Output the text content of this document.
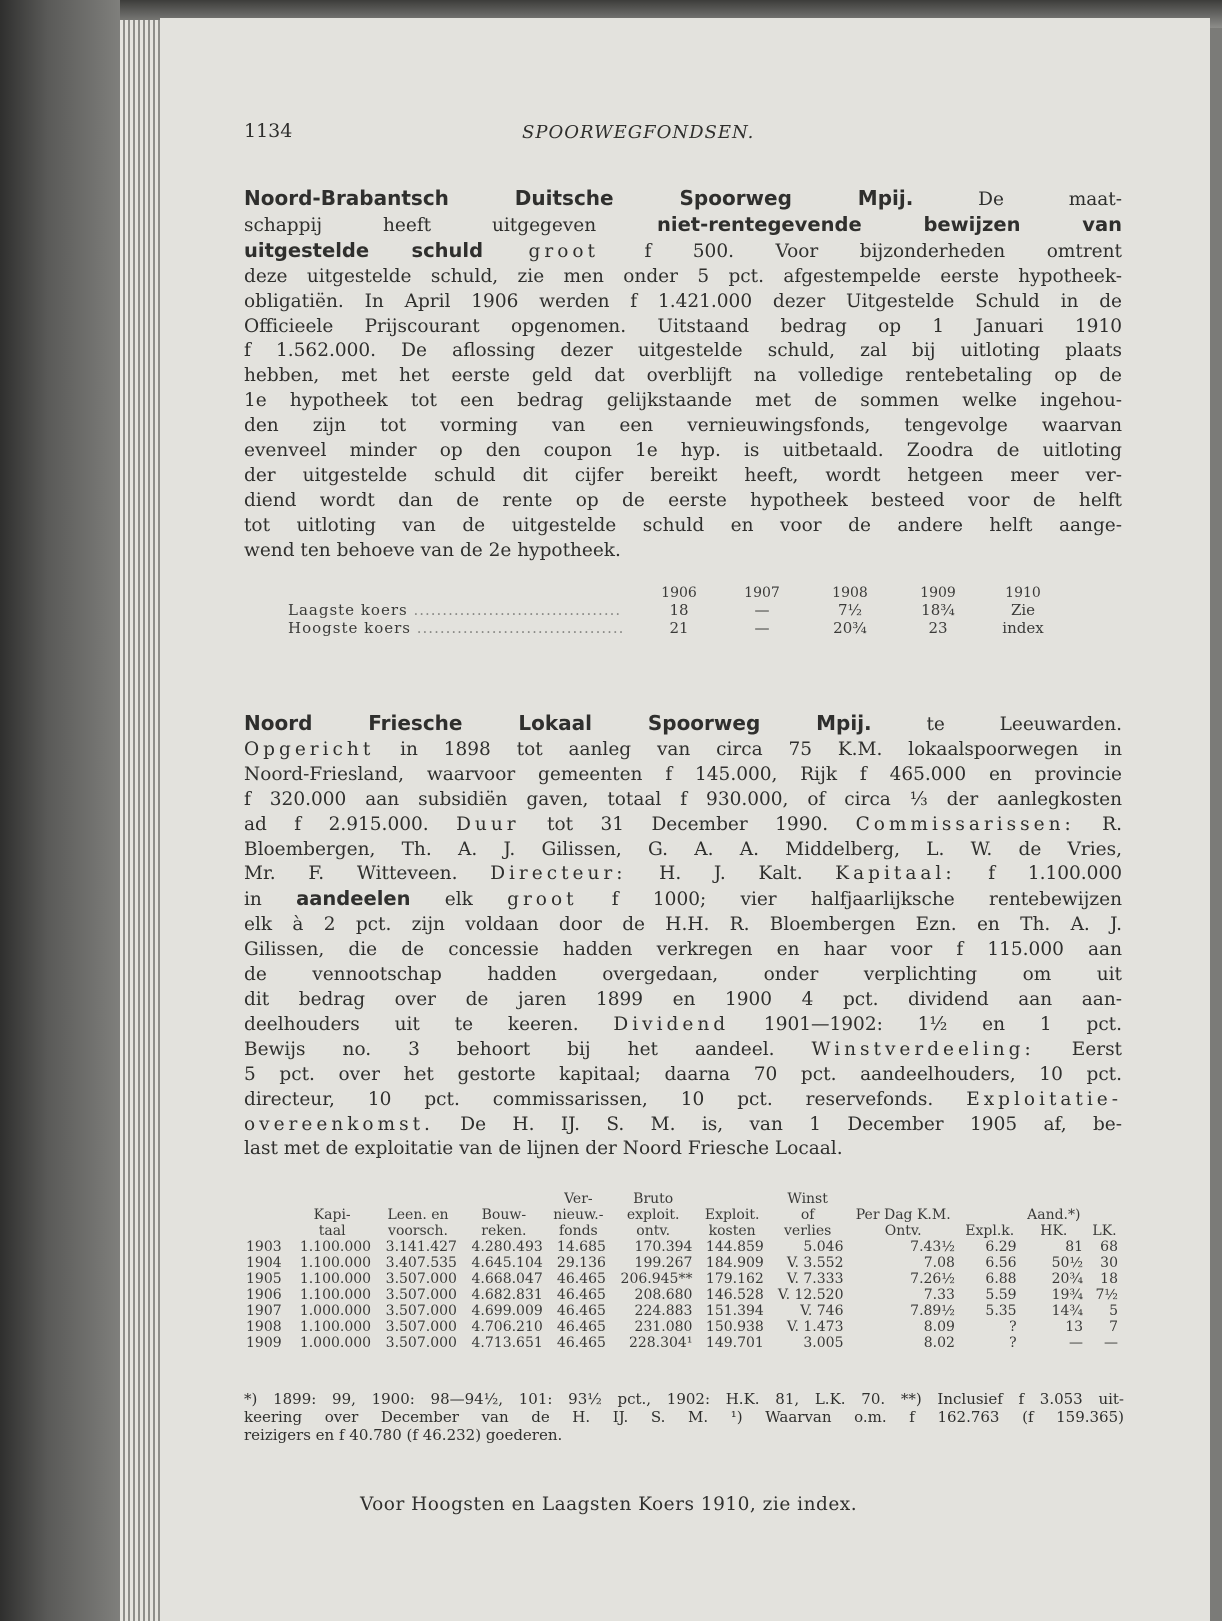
1134	SPOORWEGFONDSEN.
Noord-Brabantsch Duitsche Spoorweg Mpij.	De maat-
schappij heeft uitgegeven niet-rentegevende bewijzen van
uitgestelde schuld groot f 500. Voor bijzonderheden omtrent
deze uitgestelde schuld, zie men onder 5 pct. afgestempelde eerste hypotheek-
obligatiën. In April 1906 werden f 1.421.000 dezer Uitgestelde Schuld in de
Officieele Prijscourant opgenomen. Uitstaand bedrag op 1 Januari 1910
f 1.562.000. De aflossing dezer uitgestelde schuld, zal bij uitloting plaats
hebben, met het eerste geld dat overblijft na volledige rentebetaling op de
1e hypotheek tot een bedrag gelijkstaande met de sommen welke ingehou-
den zijn tot vorming van een vernieuwingsfonds, tengevolge waarvan
evenveel minder op den coupon 1e hyp. is uitbetaald. Zoodra de uitloting
der uitgestelde schuld dit cijfer bereikt heeft, wordt hetgeen meer ver-
diend wordt dan de rente op de eerste hypotheek besteed voor de helft
tot uitloting van de uitgestelde schuld en voor de andere helft aange-
wend ten behoeve van de 2e hypotheek.
	1906	1907	1908	1909	1910
Laagste koers ....................................	18	—	7½	18¾	Zie
Hoogste koers ....................................	21	—	20¾	23	index
Noord Friesche Lokaal Spoorweg Mpij.	te Leeuwarden.
Opgericht in 1898 tot aanleg van circa 75 K.M. lokaalspoorwegen in
Noord-Friesland, waarvoor gemeenten f 145.000, Rijk f 465.000 en provincie
f 320.000 aan subsidiën gaven, totaal f 930.000, of circa ⅓ der aanlegkosten
ad f 2.915.000. Duur tot 31 December 1990. Commissarissen: R.
Bloembergen, Th. A. J. Gilissen, G. A. A. Middelberg, L. W. de Vries,
Mr. F. Witteveen. Directeur: H. J. Kalt. Kapitaal: f 1.100.000
in aandeelen elk groot f 1000; vier halfjaarlijksche rentebewijzen
elk à 2 pct. zijn voldaan door de H.H. R. Bloembergen Ezn. en Th. A. J.
Gilissen, die de concessie hadden verkregen en haar voor f 115.000 aan
de vennootschap hadden overgedaan, onder verplichting om uit
dit bedrag over de jaren 1899 en 1900 4 pct. dividend aan aan-
deelhouders uit te keeren. Dividend 1901—1902: 1½ en 1 pct.
Bewijs no. 3 behoort bij het aandeel. Winstverdeeling: Eerst
5 pct. over het gestorte kapitaal; daarna 70 pct. aandeelhouders, 10 pct.
directeur, 10 pct. commissarissen, 10 pct. reservefonds. Exploitatie-
overeenkomst. De H. IJ. S. M. is, van 1 December 1905 af, be-
last met de exploitatie van de lijnen der Noord Friesche Locaal.
				Ver-	Bruto		Winst				
	Kapi-	Leen. en	Bouw-	nieuw.-	exploit.	Exploit.	of	Per Dag K.M.		Aand.*)	
	taal	voorsch.	reken.	fonds	ontv.	kosten	verlies	Ontv.	Expl.k.	HK.	LK.
1903	1.100.000	3.141.427	4.280.493	14.685	170.394	144.859	5.046	7.43½	6.29	81	68
1904	1.100.000	3.407.535	4.645.104	29.136	199.267	184.909	V. 3.552	7.08	6.56	50½	30
1905	1.100.000	3.507.000	4.668.047	46.465	206.945**	179.162	V. 7.333	7.26½	6.88	20¾	18
1906	1.100.000	3.507.000	4.682.831	46.465	208.680	146.528	V. 12.520	7.33	5.59	19¾	7½
1907	1.000.000	3.507.000	4.699.009	46.465	224.883	151.394	V. 746	7.89½	5.35	14¾	5
1908	1.100.000	3.507.000	4.706.210	46.465	231.080	150.938	V. 1.473	8.09	?	13	7
1909	1.000.000	3.507.000	4.713.651	46.465	228.304¹	149.701	3.005	8.02	?	—	—
*) 1899: 99, 1900: 98—94½, 101: 93½ pct., 1902: H.K. 81, L.K. 70. **) Inclusief f 3.053 uit-
keering over December van de H. IJ. S. M. ¹) Waarvan o.m. f 162.763 (f 159.365)
reizigers en f 40.780 (f 46.232) goederen.
Voor Hoogsten en Laagsten Koers 1910, zie index.
